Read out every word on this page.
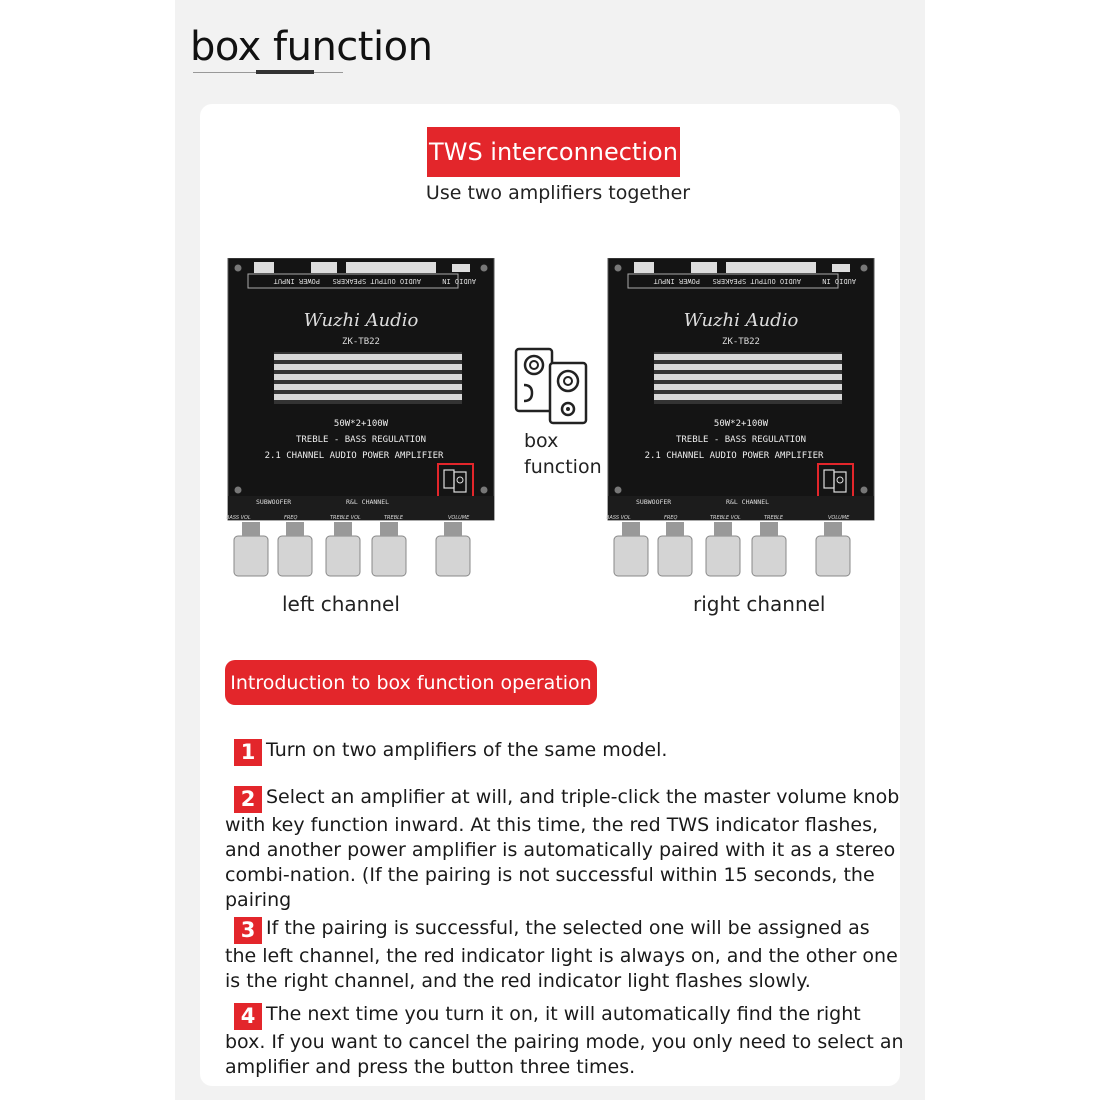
box function
TWS interconnection
Use two amplifiers together
POWER INPUT AUDIO OUTPUT SPEAKERS	AUDIO IN
Wuzhi Audio
ZK-TB22
50W*2+100W
TREBLE - BASS REGULATION
2.1 CHANNEL AUDIO POWER AMPLIFIER
SUBWOOFER	R&L CHANNEL
BASS VOL	FREQ	TREBLE VOL	TREBLE	VOLUME
POWER INPUT AUDIO OUTPUT SPEAKERS	AUDIO IN
Wuzhi Audio
ZK-TB22
50W*2+100W
TREBLE - BASS REGULATION
2.1 CHANNEL AUDIO POWER AMPLIFIER
SUBWOOFER	R&L CHANNEL
BASS VOL	FREQ	TREBLE VOL	TREBLE	VOLUME
left channel	right channel
box
function
Introduction to box function operation
1 Turn on two amplifiers of the same model.
2 Select an amplifier at will, and triple-click the master volume knob with key function inward. At this time, the red TWS indicator flashes, and another power amplifier is automatically paired with it as a stereo combi-nation. (If the pairing is not successful within 15 seconds, the pairing
3 If the pairing is successful, the selected one will be assigned as the left channel, the red indicator light is always on, and the other one is the right channel, and the red indicator light flashes slowly.
4 The next time you turn it on, it will automatically find the right box. If you want to cancel the pairing mode, you only need to select an amplifier and press the button three times.
